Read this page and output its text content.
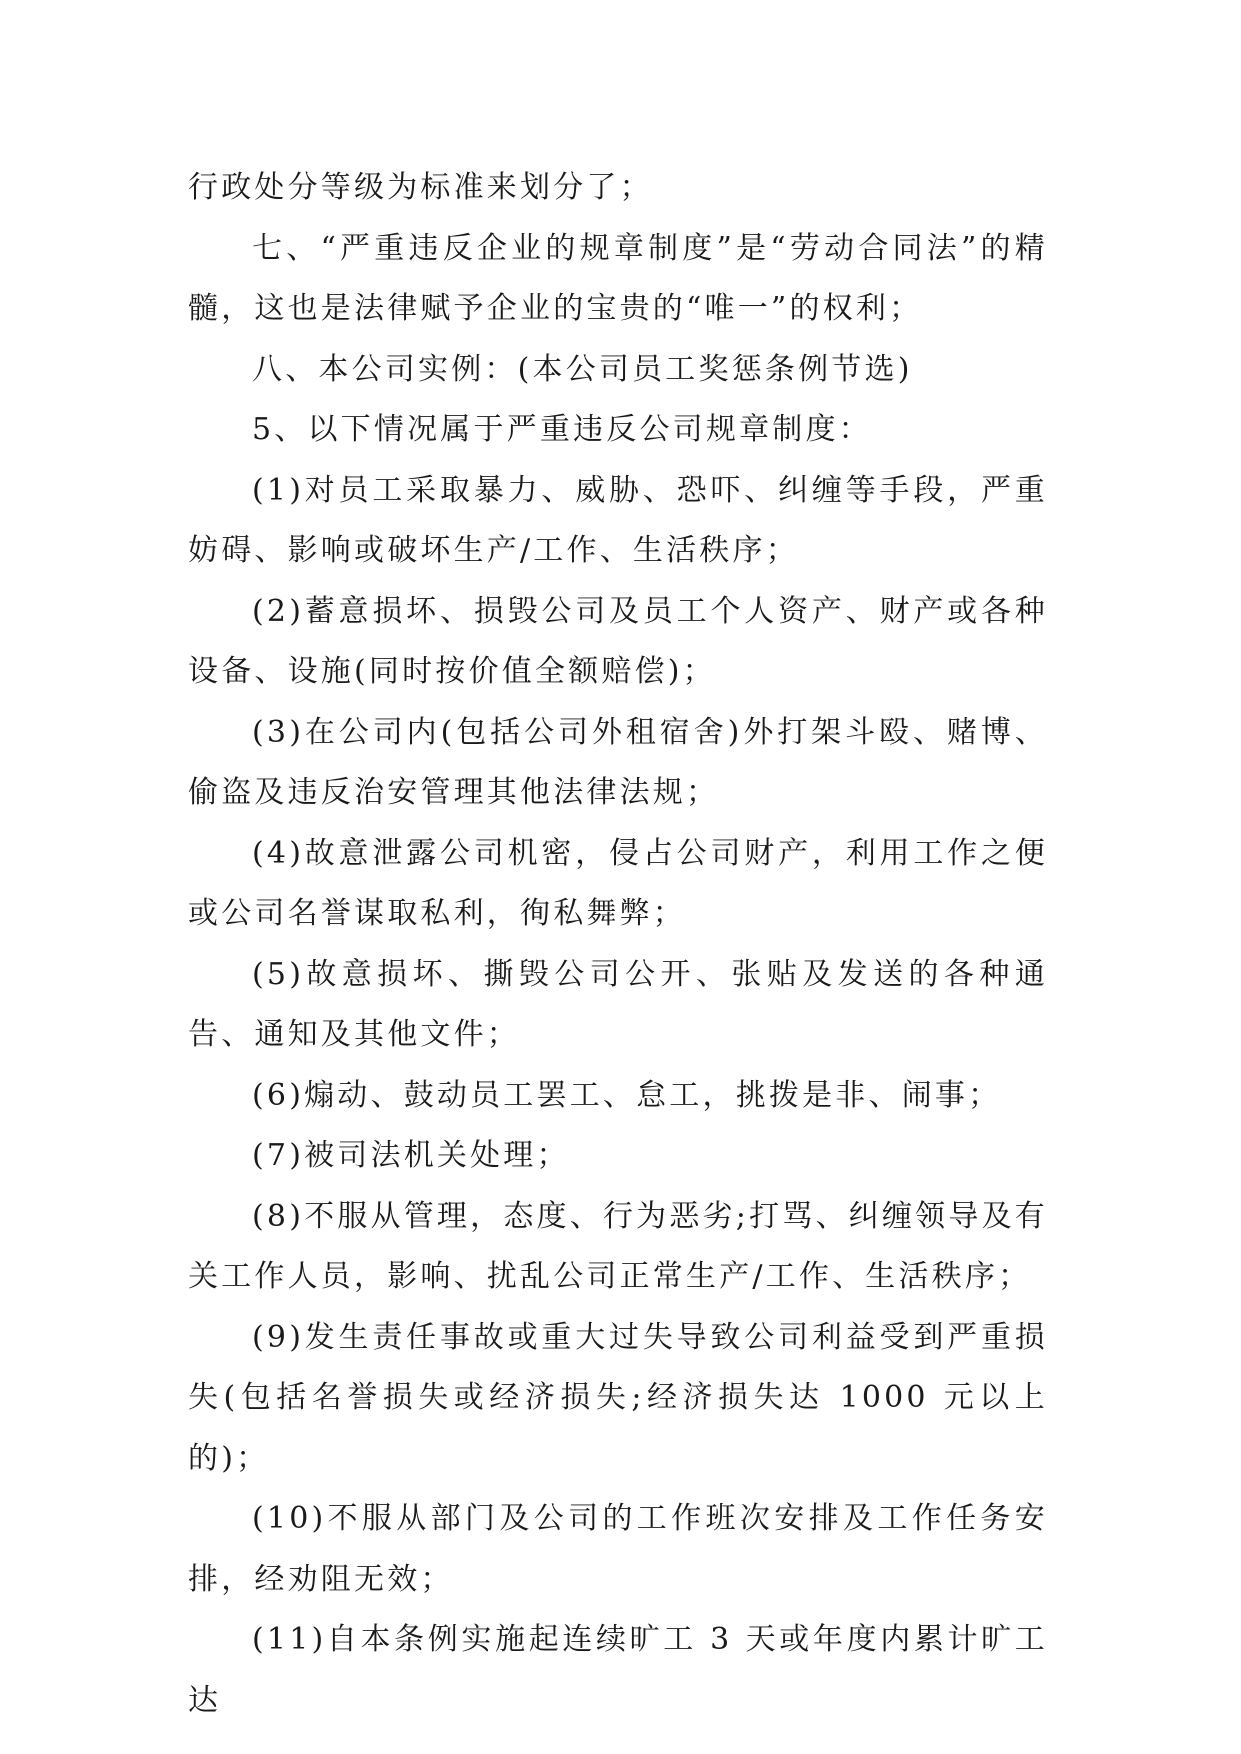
行政处分等级为标准来划分了；

七、“严重违反企业的规章制度”是“劳动合同法”的精髓，这也是法律赋予企业的宝贵的“唯一”的权利；

八、本公司实例：(本公司员工奖惩条例节选)

5、以下情况属于严重违反公司规章制度：

(1)对员工采取暴力、威胁、恐吓、纠缠等手段，严重妨碍、影响或破坏生产/工作、生活秩序；

(2)蓄意损坏、损毁公司及员工个人资产、财产或各种设备、设施(同时按价值全额赔偿)；

(3)在公司内(包括公司外租宿舍)外打架斗殴、赌博、偷盗及违反治安管理其他法律法规；

(4)故意泄露公司机密，侵占公司财产，利用工作之便或公司名誉谋取私利，徇私舞弊；

(5)故意损坏、撕毁公司公开、张贴及发送的各种通告、通知及其他文件；

(6)煽动、鼓动员工罢工、怠工，挑拨是非、闹事；

(7)被司法机关处理；

(8)不服从管理，态度、行为恶劣;打骂、纠缠领导及有关工作人员，影响、扰乱公司正常生产/工作、生活秩序；

(9)发生责任事故或重大过失导致公司利益受到严重损失(包括名誉损失或经济损失;经济损失达 1000 元以上的)；

(10)不服从部门及公司的工作班次安排及工作任务安排，经劝阻无效；

(11)自本条例实施起连续旷工 3 天或年度内累计旷工达
